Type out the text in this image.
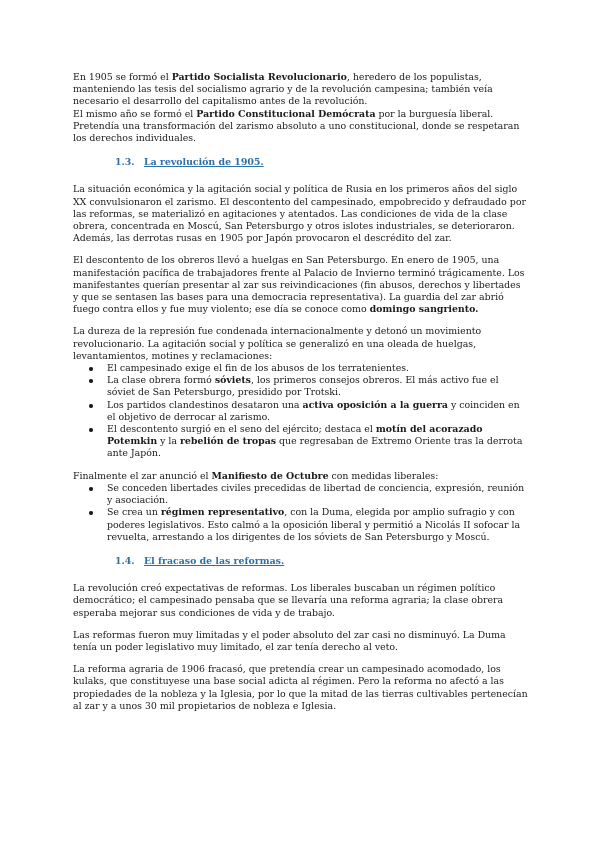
En 1905 se formó el Partido Socialista Revolucionario, heredero de los populistas, manteniendo las tesis del socialismo agrario y de la revolución campesina; también veía necesario el desarrollo del capitalismo antes de la revolución.

El mismo año se formó el Partido Constitucional Demócrata por la burguesía liberal. Pretendía una transformación del zarismo absoluto a uno constitucional, donde se respetaran los derechos individuales.

1.3.	La revolución de 1905.

La situación económica y la agitación social y política de Rusia en los primeros años del siglo XX convulsionaron el zarismo. El descontento del campesinado, empobrecido y defraudado por las reformas, se materializó en agitaciones y atentados. Las condiciones de vida de la clase obrera, concentrada en Moscú, San Petersburgo y otros islotes industriales, se deterioraron. Además, las derrotas rusas en 1905 por Japón provocaron el descrédito del zar.

El descontento de los obreros llevó a huelgas en San Petersburgo. En enero de 1905, una manifestación pacífica de trabajadores frente al Palacio de Invierno terminó trágicamente. Los manifestantes querían presentar al zar sus reivindicaciones (fin abusos, derechos y libertades y que se sentasen las bases para una democracia representativa). La guardia del zar abrió fuego contra ellos y fue muy violento; ese día se conoce como domingo sangriento.

La dureza de la represión fue condenada internacionalmente y detonó un movimiento revolucionario. La agitación social y política se generalizó en una oleada de huelgas, levantamientos, motines y reclamaciones:

El campesinado exige el fin de los abusos de los terratenientes.
La clase obrera formó sóviets, los primeros consejos obreros. El más activo fue el sóviet de San Petersburgo, presidido por Trotski.
Los partidos clandestinos desataron una activa oposición a la guerra y coinciden en el objetivo de derrocar al zarismo.
El descontento surgió en el seno del ejército; destaca el motín del acorazado Potemkin y la rebelión de tropas que regresaban de Extremo Oriente tras la derrota ante Japón.

Finalmente el zar anunció el Manifiesto de Octubre con medidas liberales:

Se conceden libertades civiles precedidas de libertad de conciencia, expresión, reunión y asociación.
Se crea un régimen representativo, con la Duma, elegida por amplio sufragio y con poderes legislativos. Esto calmó a la oposición liberal y permitió a Nicolás II sofocar la revuelta, arrestando a los dirigentes de los sóviets de San Petersburgo y Moscú.
1.4.	El fracaso de las reformas.

La revolución creó expectativas de reformas. Los liberales buscaban un régimen político democrático; el campesinado pensaba que se llevaría una reforma agraria; la clase obrera esperaba mejorar sus condiciones de vida y de trabajo.

Las reformas fueron muy limitadas y el poder absoluto del zar casi no disminuyó. La Duma tenía un poder legislativo muy limitado, el zar tenía derecho al veto.

La reforma agraria de 1906 fracasó, que pretendía crear un campesinado acomodado, los kulaks, que constituyese una base social adicta al régimen. Pero la reforma no afectó a las propiedades de la nobleza y la Iglesia, por lo que la mitad de las tierras cultivables pertenecían al zar y a unos 30 mil propietarios de nobleza e Iglesia.
